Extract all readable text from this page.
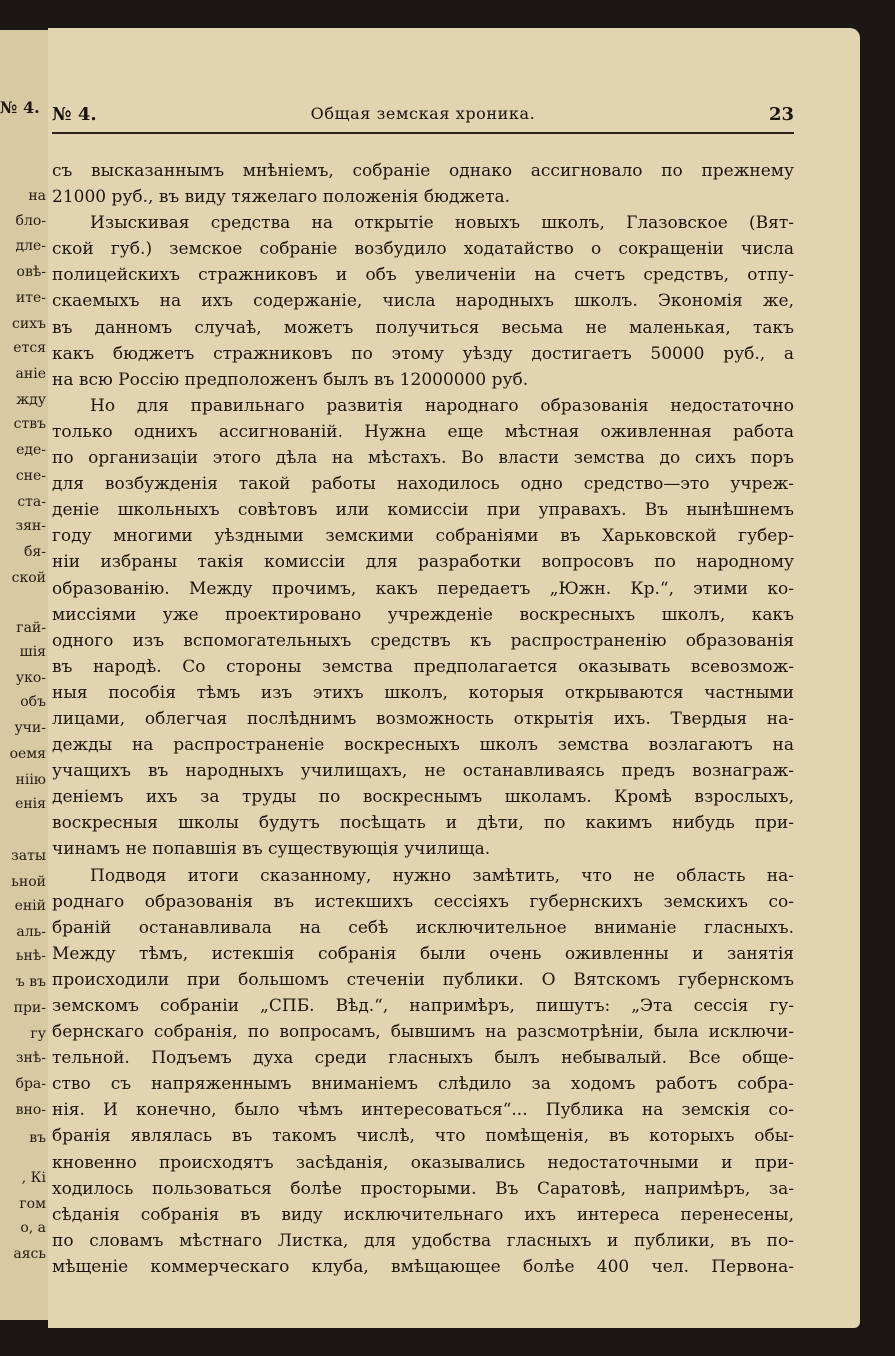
№ 4.
на
бло-
дле-
овѣ-
ите-
сихъ
ется
аніе
жду
ствъ
еде-
сне-
ста-
зян-
бя-
ской
гай-
шія
уко-
объ
учи-
оемя
ніію
енія
заты
ьной
еній
аль-
ьнѣ-
ъ въ
при-
гу
знѣ-
бра-
вно-
въ
, Кі
гом
о, а
аясь
№ 4.	Общая земская хроника.	23
съ высказаннымъ мнѣніемъ, собраніе однако ассигновало по прежнему
21000 руб., въ виду тяжелаго положенія бюджета.
Изыскивая средства на открытіе новыхъ школъ, Глазовское (Вят-
ской губ.) земское собраніе возбудило ходатайство о сокращеніи числа
полицейскихъ стражниковъ и объ увеличеніи на счетъ средствъ, отпу-
скаемыхъ на ихъ содержаніе, числа народныхъ школъ. Экономія же,
въ данномъ случаѣ, можетъ получиться весьма не маленькая, такъ
какъ бюджетъ стражниковъ по этому уѣзду достигаетъ 50000 руб., а
на всю Россію предположенъ былъ въ 12000000 руб.
Но для правильнаго развитія народнаго образованія недостаточно
только однихъ ассигнованій. Нужна еще мѣстная оживленная работа
по организаціи этого дѣла на мѣстахъ. Во власти земства до сихъ поръ
для возбужденія такой работы находилось одно средство—это учреж-
деніе школьныхъ совѣтовъ или комиссіи при управахъ. Въ нынѣшнемъ
году многими уѣздными земскими собраніями въ Харьковской губер-
ніи избраны такія комиссіи для разработки вопросовъ по народному
образованію. Между прочимъ, какъ передаетъ „Южн. Кр.“, этими ко-
миссіями уже проектировано учрежденіе воскресныхъ школъ, какъ
одного изъ вспомогательныхъ средствъ къ распространенію образованія
въ народѣ. Со стороны земства предполагается оказывать всевозмож-
ныя пособія тѣмъ изъ этихъ школъ, которыя открываются частными
лицами, облегчая послѣднимъ возможность открытія ихъ. Твердыя на-
дежды на распространеніе воскресныхъ школъ земства возлагаютъ на
учащихъ въ народныхъ училищахъ, не останавливаясь предъ вознаграж-
деніемъ ихъ за труды по воскреснымъ школамъ. Кромѣ взрослыхъ,
воскресныя школы будутъ посѣщать и дѣти, по какимъ нибудь при-
чинамъ не попавшія въ существующія училища.
Подводя итоги сказанному, нужно замѣтить, что не область на-
роднаго образованія въ истекшихъ сессіяхъ губернскихъ земскихъ со-
браній останавливала на себѣ исключительное вниманіе гласныхъ.
Между тѣмъ, истекшія собранія были очень оживленны и занятія
происходили при большомъ стеченіи публики. О Вятскомъ губернскомъ
земскомъ собраніи „СПБ. Вѣд.“, напримѣръ, пишутъ: „Эта сессія гу-
бернскаго собранія, по вопросамъ, бывшимъ на разсмотрѣніи, была исключи-
тельной. Подъемъ духа среди гласныхъ былъ небывалый. Все обще-
ство съ напряженнымъ вниманіемъ слѣдило за ходомъ работъ собра-
нія. И конечно, было чѣмъ интересоваться“... Публика на земскія со-
бранія являлась въ такомъ числѣ, что помѣщенія, въ которыхъ обы-
кновенно происходятъ засѣданія, оказывались недостаточными и при-
ходилось пользоваться болѣе просторыми. Въ Саратовѣ, напримѣръ, за-
сѣданія собранія въ виду исключительнаго ихъ интереса перенесены,
по словамъ мѣстнаго Листка, для удобства гласныхъ и публики, въ по-
мѣщеніе коммерческаго клуба, вмѣщающее болѣе 400 чел. Первона-
